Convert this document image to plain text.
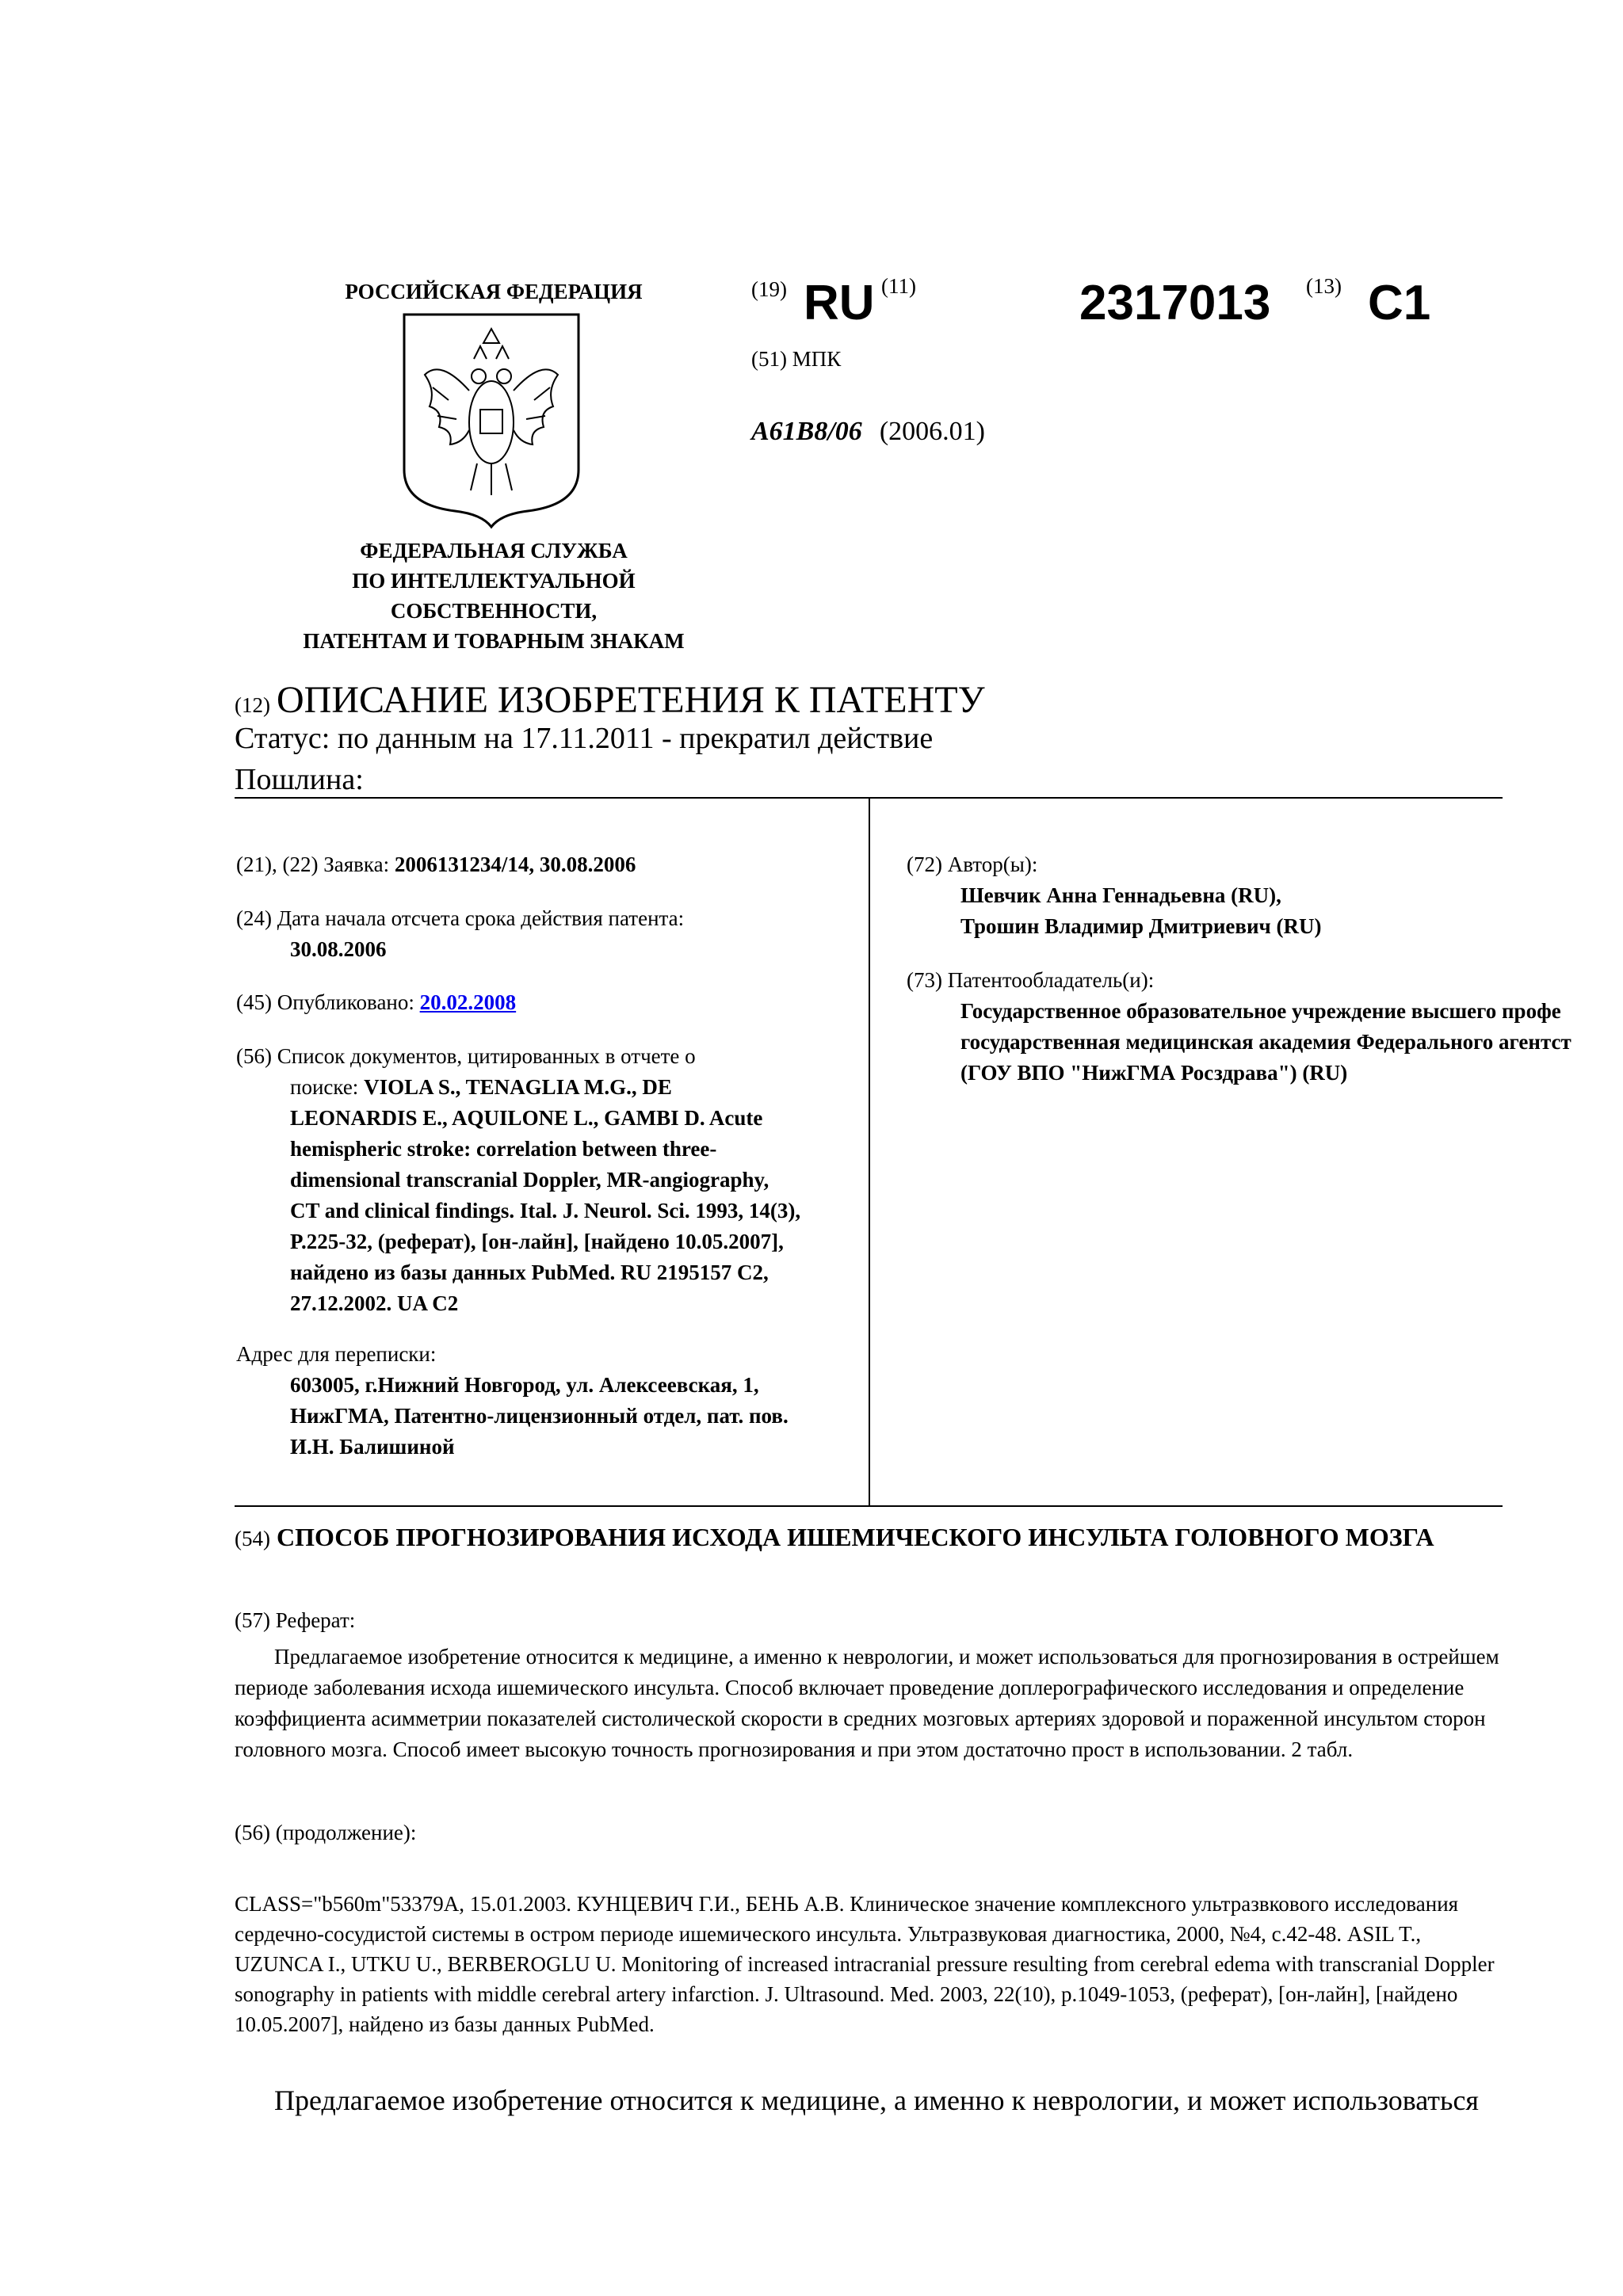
РОССИЙСКАЯ ФЕДЕРАЦИЯ
ФЕДЕРАЛЬНАЯ СЛУЖБА
ПО ИНТЕЛЛЕКТУАЛЬНОЙ
СОБСТВЕННОСТИ,
ПАТЕНТАМ И ТОВАРНЫМ ЗНАКАМ
(19) RU (11)	2317013 (13) C1
(51) МПК
A61B8/06 (2006.01)
(12) ОПИСАНИЕ ИЗОБРЕТЕНИЯ К ПАТЕНТУ
Статус: по данным на 17.11.2011 - прекратил действие
Пошлина:
(21), (22) Заявка: 2006131234/14, 30.08.2006
(24) Дата начала отсчета срока действия патента:
30.08.2006
(45) Опубликовано: 20.02.2008
(56) Список документов, цитированных в отчете о
поиске: VIOLA S., TENAGLIA M.G., DE
LEONARDIS E., AQUILONE L., GAMBI D. Acute
hemispheric stroke: correlation between three-
dimensional transcranial Doppler, MR-angiography,
CT and clinical findings. Ital. J. Neurol. Sci. 1993, 14(3),
P.225-32, (реферат), [он-лайн], [найдено 10.05.2007],
найдено из базы данных PubMed. RU 2195157 C2,
27.12.2002. UA C2
Адрес для переписки:
603005, г.Нижний Новгород, ул. Алексеевская, 1,
НижГМА, Патентно-лицензионный отдел, пат. пов.
И.Н. Балишиной
(72) Автор(ы):
Шевчик Анна Геннадьевна (RU),
Трошин Владимир Дмитриевич (RU)
(73) Патентообладатель(и):
Государственное образовательное учреждение высшего профе
государственная медицинская академия Федерального агентст
(ГОУ ВПО "НижГМА Росздрава") (RU)
(54) СПОСОБ ПРОГНОЗИРОВАНИЯ ИСХОДА ИШЕМИЧЕСКОГО ИНСУЛЬТА ГОЛОВНОГО МОЗГА
(57) Реферат:
Предлагаемое изобретение относится к медицине, а именно к неврологии, и может использоваться для прогнозирования в острейшем периоде заболевания исхода ишемического инсульта. Способ включает проведение доплерографического исследования и определение коэффициента асимметрии показателей систолической скорости в средних мозговых артериях здоровой и пораженной инсультом сторон головного мозга. Способ имеет высокую точность прогнозирования и при этом достаточно прост в использовании. 2 табл.
(56) (продолжение):
CLASS="b560m"53379A, 15.01.2003. КУНЦЕВИЧ Г.И., БЕНЬ А.В. Клиническое значение комплексного ультразвкового исследования сердечно-сосудистой системы в остром периоде ишемического инсульта. Ультразвуковая диагностика, 2000, №4, с.42-48. ASIL T., UZUNCA I., UTKU U., BERBEROGLU U. Monitoring of increased intracranial pressure resulting from cerebral edema with transcranial Doppler sonography in patients with middle cerebral artery infarction. J. Ultrasound. Med. 2003, 22(10), p.1049-1053, (реферат), [он-лайн], [найдено 10.05.2007], найдено из базы данных PubMed.
Предлагаемое изобретение относится к медицине, а именно к неврологии, и может использоваться
